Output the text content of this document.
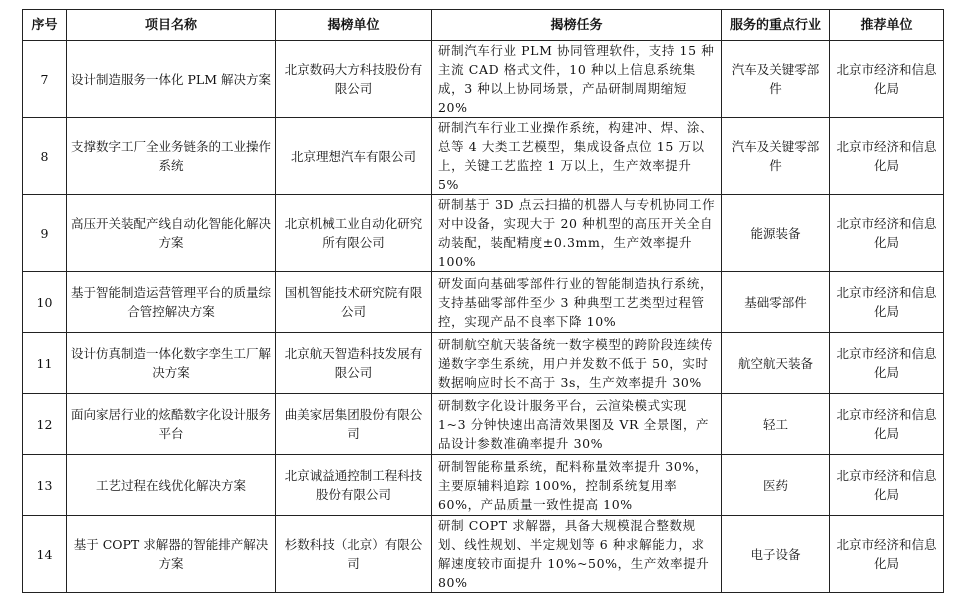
序号	项目名称	揭榜单位	揭榜任务	服务的重点行业	推荐单位
7	设计制造服务一体化 PLM 解决方案	北京数码大方科技股份有限公司	研制汽车行业 PLM 协同管理软件，支持 15 种主流 CAD 格式文件，10 种以上信息系统集成，3 种以上协同场景，产品研制周期缩短 20%	汽车及关键零部件	北京市经济和信息化局
8	支撑数字工厂全业务链条的工业操作系统	北京理想汽车有限公司	研制汽车行业工业操作系统，构建冲、焊、涂、总等 4 大类工艺模型，集成设备点位 15 万以上，关键工艺监控 1 万以上，生产效率提升 5%	汽车及关键零部件	北京市经济和信息化局
9	高压开关装配产线自动化智能化解决方案	北京机械工业自动化研究所有限公司	研制基于 3D 点云扫描的机器人与专机协同工作对中设备，实现大于 20 种机型的高压开关全自动装配，装配精度±0.3mm，生产效率提升 100%	能源装备	北京市经济和信息化局
10	基于智能制造运营管理平台的质量综合管控解决方案	国机智能技术研究院有限公司	研发面向基础零部件行业的智能制造执行系统，支持基础零部件至少 3 种典型工艺类型过程管控，实现产品不良率下降 10%	基础零部件	北京市经济和信息化局
11	设计仿真制造一体化数字孪生工厂解决方案	北京航天智造科技发展有限公司	研制航空航天装备统一数字模型的跨阶段连续传递数字孪生系统，用户并发数不低于 50，实时数据响应时长不高于 3s，生产效率提升 30%	航空航天装备	北京市经济和信息化局
12	面向家居行业的炫酷数字化设计服务平台	曲美家居集团股份有限公司	研制数字化设计服务平台，云渲染模式实现 1~3 分钟快速出高清效果图及 VR 全景图，产品设计参数准确率提升 30%	轻工	北京市经济和信息化局
13	工艺过程在线优化解决方案	北京诚益通控制工程科技股份有限公司	研制智能称量系统，配料称量效率提升 30%，主要原辅料追踪 100%，控制系统复用率 60%，产品质量一致性提高 10%	医药	北京市经济和信息化局
14	基于 COPT 求解器的智能排产解决方案	杉数科技（北京）有限公司	研制 COPT 求解器，具备大规模混合整数规划、线性规划、半定规划等 6 种求解能力，求解速度较市面提升 10%~50%，生产效率提升 80%	电子设备	北京市经济和信息化局
